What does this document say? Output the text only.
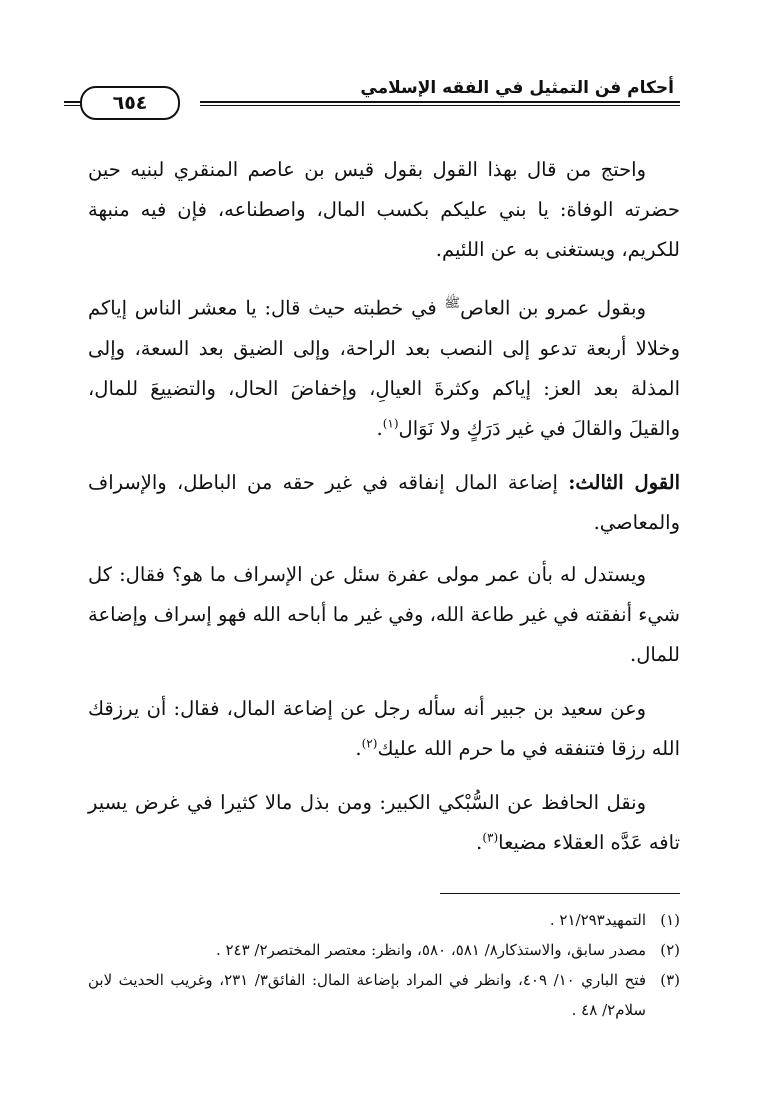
أحكام فن التمثيل في الفقه الإسلامي
٦٥٤

واحتج من قال بهذا القول بقول قيس بن عاصم المنقري لبنيه حين حضرته الوفاة: يا بني عليكم بكسب المال، واصطناعه، فإن فيه منبهة للكريم، ويستغنى به عن اللئيم.

وبقول عمرو بن العاص$^ﷺ$ في خطبته حيث قال: يا معشر الناس إياكم وخلالا أربعة تدعو إلى النصب بعد الراحة، وإلى الضيق بعد السعة، وإلى المذلة بعد العز: إياكم وكثرةَ العيالِ، وإخفاضَ الحال، والتضييعَ للمال، والقيلَ والقالَ في غير دَرَكٍ ولا نَوَال$^{(١)}$.

القول الثالث: إضاعة المال إنفاقه في غير حقه من الباطل، والإسراف والمعاصي.

ويستدل له بأن عمر مولى عفرة سئل عن الإسراف ما هو؟ فقال: كل شيء أنفقته في غير طاعة الله، وفي غير ما أباحه الله فهو إسراف وإضاعة للمال.

وعن سعيد بن جبير أنه سأله رجل عن إضاعة المال، فقال: أن يرزقك الله رزقا فتنفقه في ما حرم الله عليك$^{(٢)}$.

ونقل الحافظ عن السُّبْكي الكبير: ومن بذل مالا كثيرا في غرض يسير تافه عَدَّه العقلاء مضيعا$^{(٣)}$.

(١)
التمهيد٢١/٢٩٣ .
(٢)
مصدر سابق، والاستذكار٨/ ٥٨١، ٥٨٠، وانظر: معتصر المختصر٢/ ٢٤٣ .
(٣)
فتح الباري ١٠/ ٤٠٩، وانظر في المراد بإضاعة المال: الفائق٣/ ٢٣١، وغريب الحديث لابن سلام٢/ ٤٨ .
